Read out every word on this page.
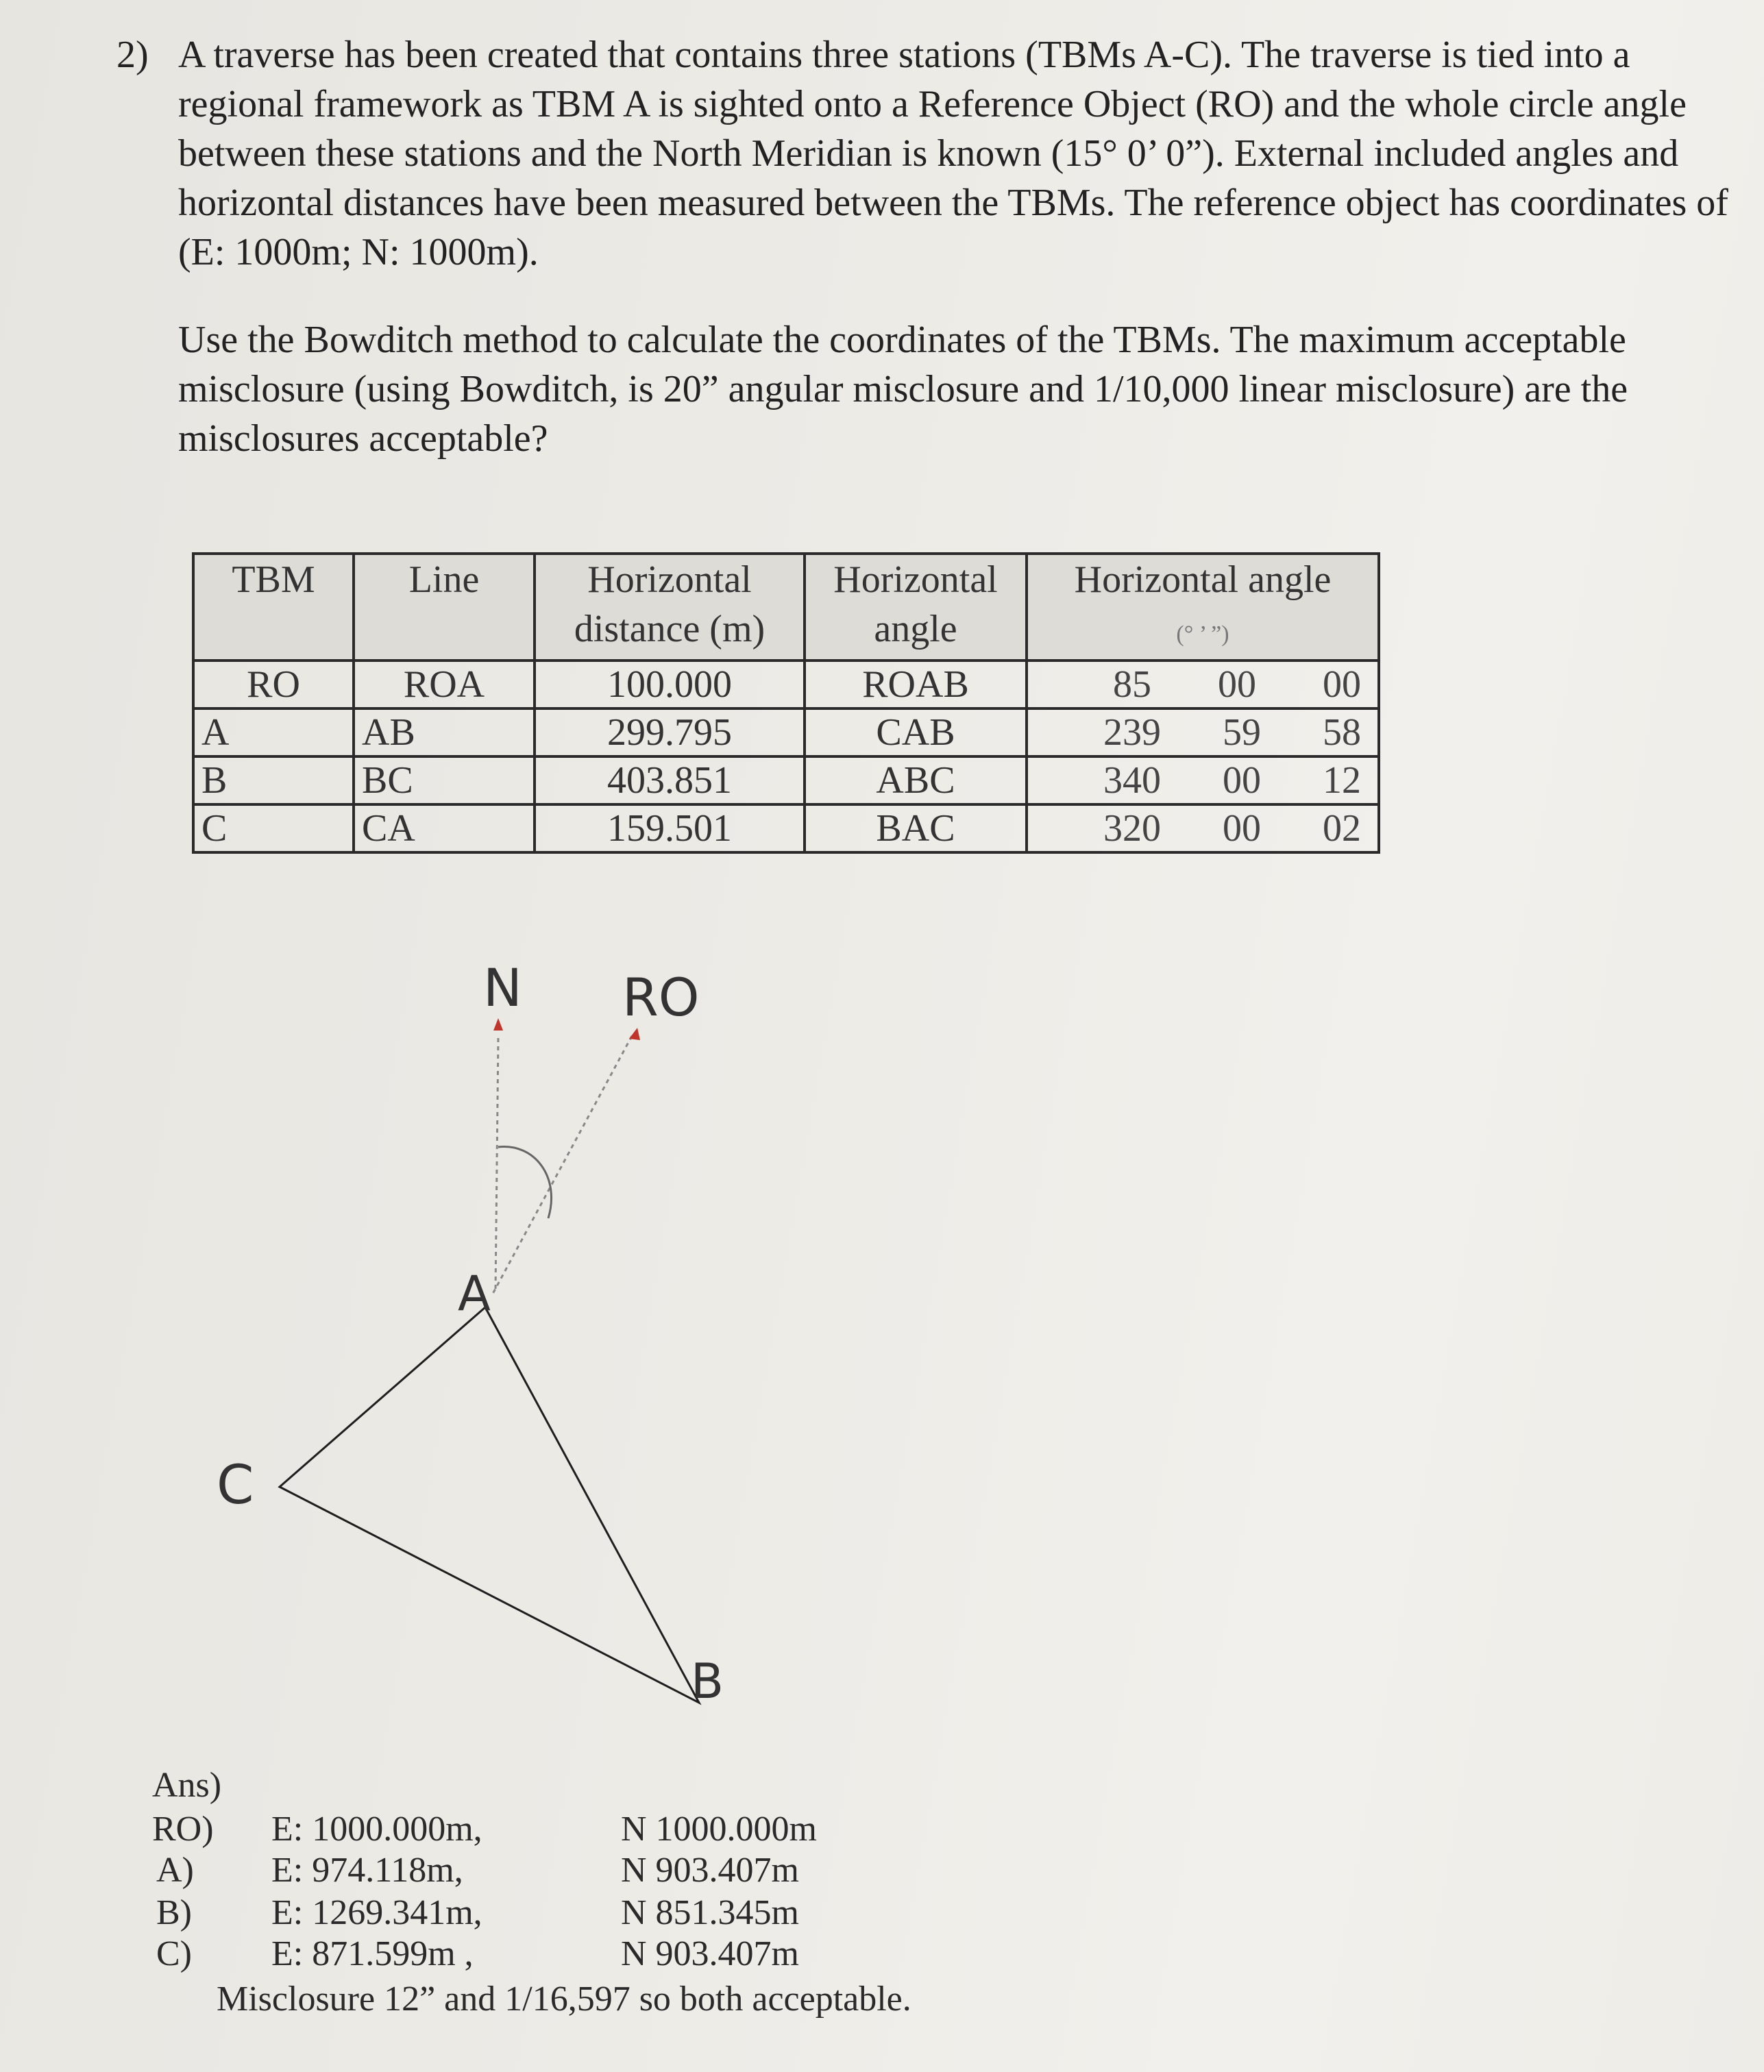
2) A traverse has been created that contains three stations (TBMs A-C). The traverse is tied into a regional framework as TBM A is sighted onto a Reference Object (RO) and the whole circle angle between these stations and the North Meridian is known (15° 0’ 0”). External included angles and horizontal distances have been measured between the TBMs. The reference object has coordinates of (E: 1000m; N: 1000m).

Use the Bowditch method to calculate the coordinates of the TBMs. The maximum acceptable misclosure (using Bowditch, is 20” angular misclosure and 1/10,000 linear misclosure) are the misclosures acceptable?

TBM	Line	Horizontal distance (m)	Horizontal angle	Horizontal angle
(° ’ ”)
RO	ROA	100.000	ROAB	85 00 00

A	AB	299.795	CAB	239 59 58

B	BC	403.851	ABC	340 00 12

C	CA	159.501	BAC	320 00 02
N RO
A
B
C
Ans)
RO) E: 1000.000m,	N 1000.000m
A) E: 974.118m,	N 903.407m
B) E: 1269.341m,	N 851.345m
C) E: 871.599m ,	N 903.407m
Misclosure 12” and 1/16,597 so both acceptable.
